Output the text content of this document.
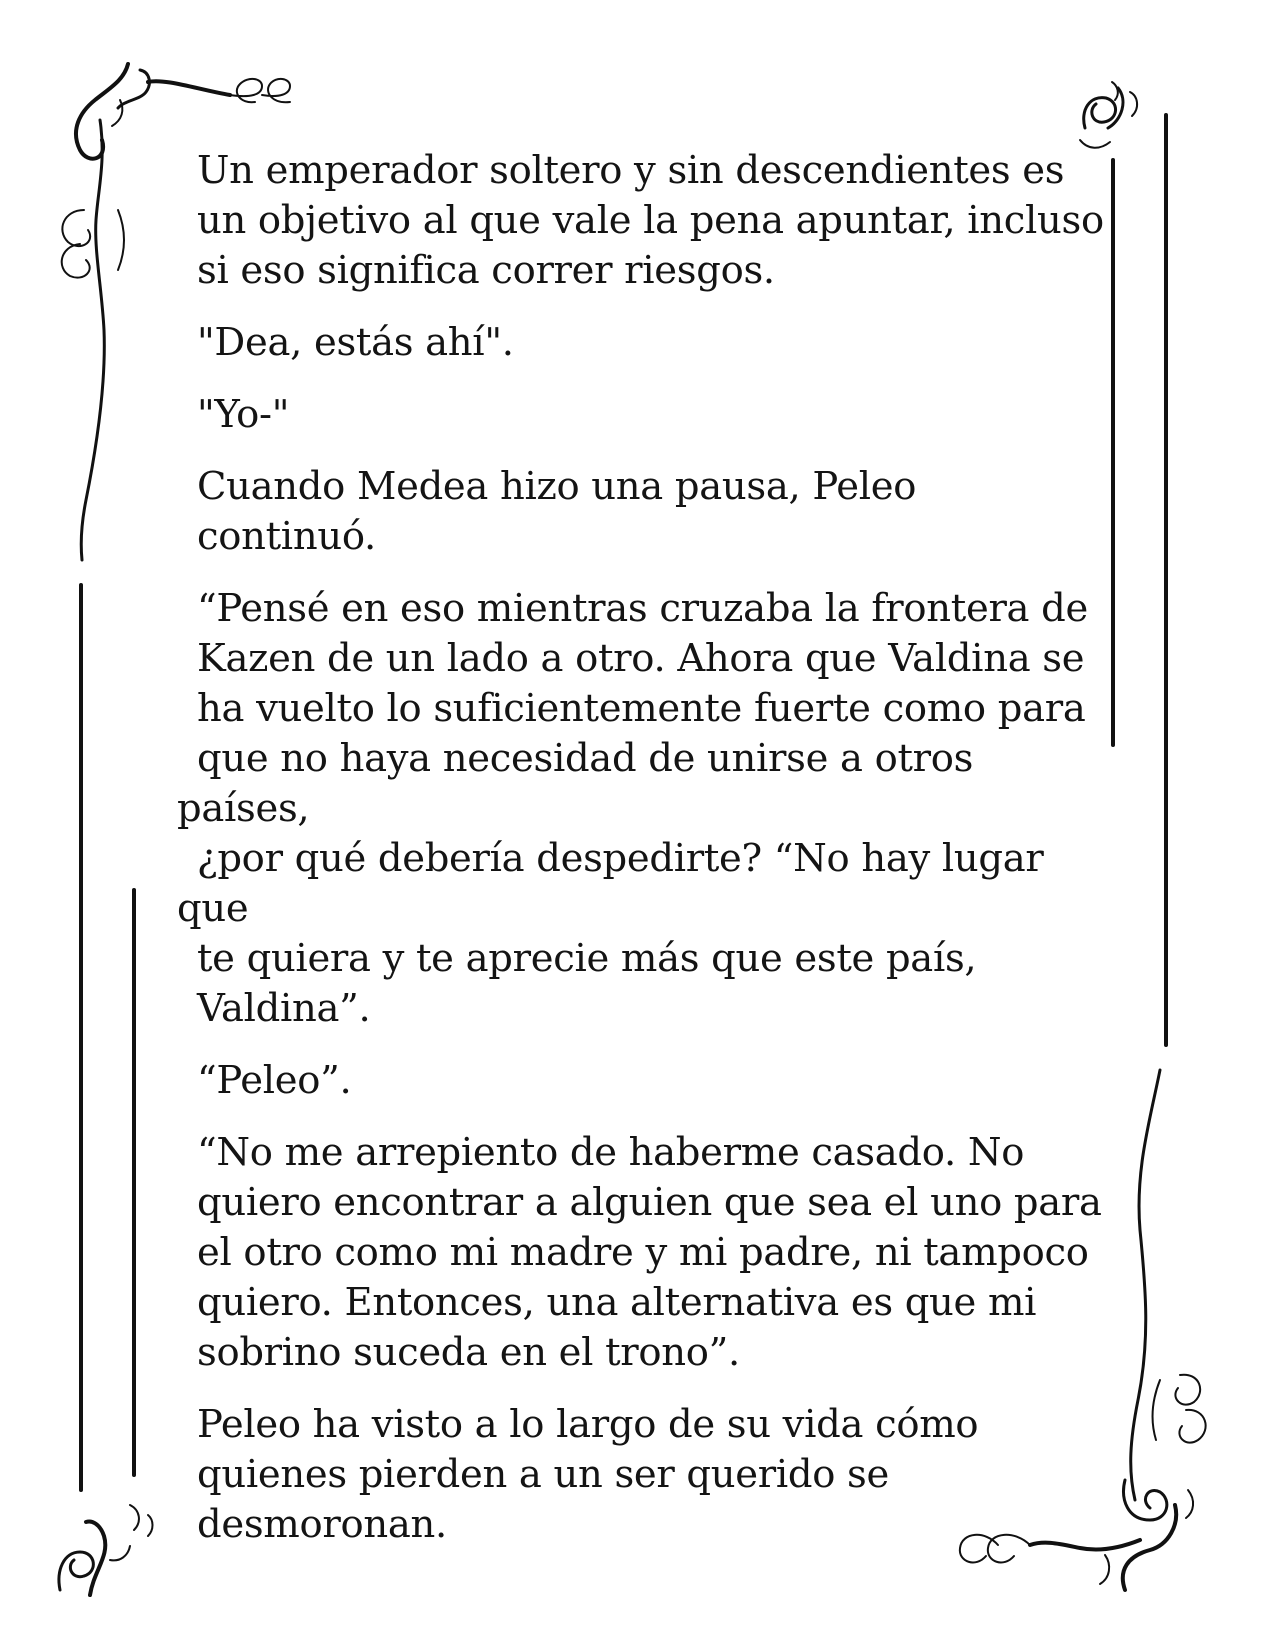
Un emperador soltero y sin descendientes es
un objetivo al que vale la pena apuntar, incluso
si eso significa correr riesgos.
"Dea, estás ahí".
"Yo-"
Cuando Medea hizo una pausa, Peleo
continuó.
“Pensé en eso mientras cruzaba la frontera de
Kazen de un lado a otro. Ahora que Valdina se
ha vuelto lo suficientemente fuerte como para
que no haya necesidad de unirse a otros países,
¿por qué debería despedirte? “No hay lugar que
te quiera y te aprecie más que este país,
Valdina”.
“Peleo”.
“No me arrepiento de haberme casado. No
quiero encontrar a alguien que sea el uno para
el otro como mi madre y mi padre, ni tampoco
quiero. Entonces, una alternativa es que mi
sobrino suceda en el trono”.
Peleo ha visto a lo largo de su vida cómo
quienes pierden a un ser querido se
desmoronan.
